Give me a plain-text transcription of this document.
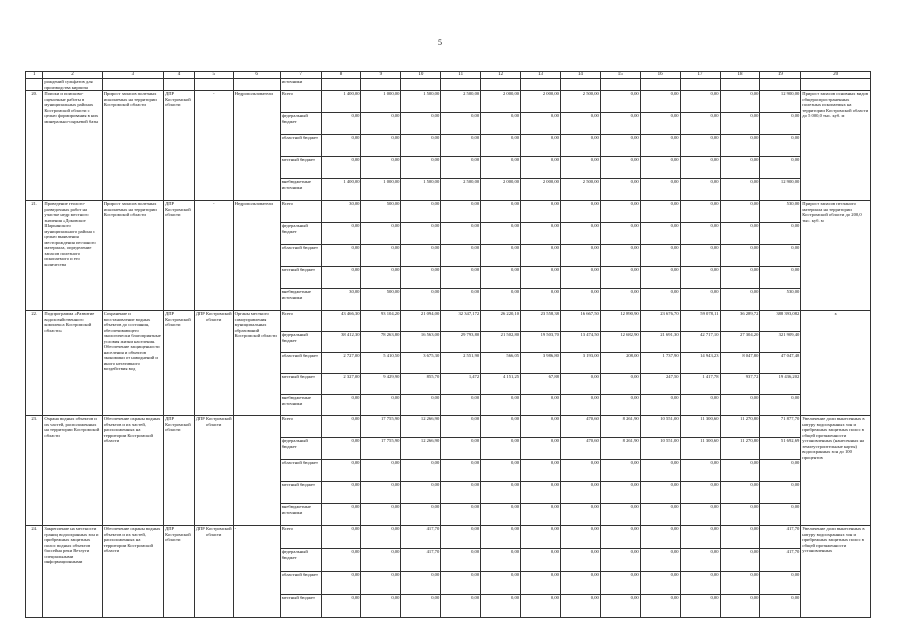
5
1	2	3	4	5	6	7	8	9	10	11	12	13	14	15	16	17	18	19	20
	рождений сульфатов для производства кирпича					источники													
20.	Поиски и поисково-оценочные работы в муниципальных районах Костромской области с целью формирования в них минерально-сырьевой базы	Прирост запасов полезных ископаемых на территории Костромской области	ДПР Костромской области	-	Недропользователи	Всего	1 400,00	1 000,00	1 500,00	2 500,00	2 000,00	2 000,00	2 500,00	0,00	0,00	0,00	0,00	12 900,00	Прирост запасов основных видов общераспространенных полезных ископаемых на территории Костромской области до 5 000,0 тыс. куб. м
						федеральный бюджет	0,00	0,00	0,00	0,00	0,00	0,00	0,00	0,00	0,00	0,00	0,00	0,00	
						областной бюджет	0,00	0,00	0,00	0,00	0,00	0,00	0,00	0,00	0,00	0,00	0,00	0,00	
						местный бюджет	0,00	0,00	0,00	0,00	0,00	0,00	0,00	0,00	0,00	0,00	0,00	0,00	
						внебюджетные источники	1 400,00	1 000,00	1 500,00	2 500,00	2 000,00	2 000,00	2 500,00	0,00	0,00	0,00	0,00	12 900,00	
21.	Проведение геолого-разведочных работ на участке недр местного значения «Доковское Шарьинского муниципального района с целью выявления месторождения песчаного материала, определение запасов полезного ископаемого и его количества	Прирост запасов полезных ископаемых на территории Костромской области	ДПР Костромской области	-	Недропользователи	Всего	30,00	500,00	0,00	0,00	0,00	0,00	0,00	0,00	0,00	0,00	0,00	530,00	Прирост запасов песчаного материала на территории Костромской области до 200,0 тыс. куб. м
						федеральный бюджет	0,00	0,00	0,00	0,00	0,00	0,00	0,00	0,00	0,00	0,00	0,00	0,00	
						областной бюджет	0,00	0,00	0,00	0,00	0,00	0,00	0,00	0,00	0,00	0,00	0,00	0,00	
						местный бюджет	0,00	0,00	0,00	0,00	0,00	0,00	0,00	0,00	0,00	0,00	0,00	0,00	
						внебюджетные источники	30,00	500,00	0,00	0,00	0,00	0,00	0,00	0,00	0,00	0,00	0,00	530,00	
22.	Подпрограмма «Развитие водохозяйственного комплекса Костромской области»	Сохранение и восстановление водных объектов до состояния, обеспечивающего экологически благоприятные условия жизни населения. Обеспечение защищенности населения и объектов экономики от наводнений и иного негативного воздействия вод	ДПР Костромской области	ДПР Костромской области	Органы местного самоуправления муниципальных образований Костромской области	Всего	43 466,30	93 104,20	21 094,00	32 347,172	26 220,10	23 558,38	16 667,50	12 890,90	23 676,70	59 078,11	36 289,72	388 393,082	x
						федеральный бюджет	38 412,30	78 263,80	16 563,00	29 793,80	21 502,80	19 503,70	13 474,50	12 682,90	21 691,30	42 717,10	27 304,20	321 909,40	
						областной бюджет	2 727,00	5 410,50	3 675,30	2 551,90	566,05	3 986,80	3 193,00	208,00	1 737,90	14 943,23	8 047,80	47 047,48	
						местный бюджет	2 327,00	9 429,90	855,70	1,472	4 151,25	67,88	0,00	0,00	247,50	1 417,78	937,72	19 436,202	
						внебюджетные источники	0,00	0,00	0,00	0,00	0,00	0,00	0,00	0,00	0,00	0,00	0,00	0,00	
23.	Охрана водных объектов и их частей, расположенных на территории Костромской области	Обеспечение охраны водных объектов и их частей, расположенных на территории Костромской области	ДПР Костромской области	ДПР Костромской области		Всего	0,00	17 755,90	12 266,90	0,00	0,00	0,00	470,60	8 261,90	10 551,00	11 300,60	11 270,80	71 877,70	Увеличение доли вынесенных в натуру водоохранных зон и прибрежных защитных полос в общей протяженности установленных (нанесенных на землеустроительные карты) водоохранных зон до 100 процентов
						федеральный бюджет	0,00	17 755,90	12 266,90	0,00	0,00	0,00	470,60	8 261,90	10 551,00	11 300,60	11 270,80	51 692,69	
						областной бюджет	0,00	0,00	0,00	0,00	0,00	0,00	0,00	0,00	0,00	0,00	0,00	0,00	
						местный бюджет	0,00	0,00	0,00	0,00	0,00	0,00	0,00	0,00	0,00	0,00	0,00	0,00	
						внебюджетные источники	0,00	0,00	0,00	0,00	0,00	0,00	0,00	0,00	0,00	0,00	0,00	0,00	
24.	Закрепление на местности границ водоохранных зон и прибрежных защитных полос водных объектов бассейна реки Ветлуги специальными информационными	Обеспечение охраны водных объектов и их частей, расположенных на территории Костромской области	ДПР Костромской области	ДПР Костромской области	-	Всего	0,00	0,00	417,70	0,00	0,00	0,00	0,00	0,00	0,00	0,00	0,00	417,70	Увеличение доли вынесенных в натуру водоохранных зон и прибрежных защитных полос в общей протяженности установленных
						федеральный бюджет	0,00	0,00	417,70	0,00	0,00	0,00	0,00	0,00	0,00	0,00	0,00	417,70	
						областной бюджет	0,00	0,00	0,00	0,00	0,00	0,00	0,00	0,00	0,00	0,00	0,00	0,00	
						местный бюджет	0,00	0,00	0,00	0,00	0,00	0,00	0,00	0,00	0,00	0,00	0,00	0,00	
